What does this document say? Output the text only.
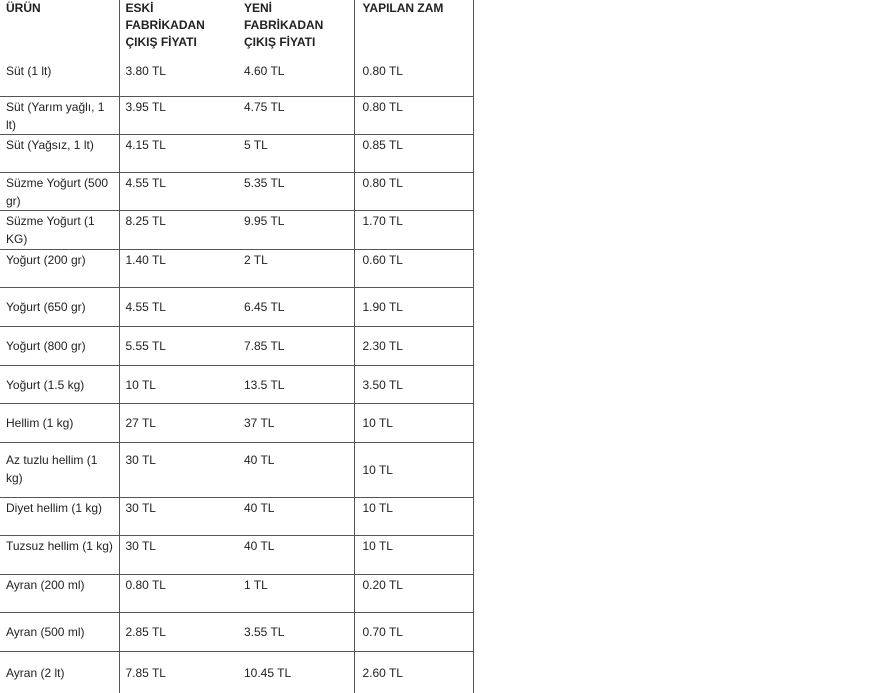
ÜRÜN	ESKİ FABRİKADAN ÇIKIŞ FİYATI	YENİ FABRİKADAN ÇIKIŞ FİYATI	YAPILAN ZAM
Süt (1 lt)	3.80 TL	4.60 TL	0.80 TL
Süt (Yarım yağlı, 1 lt)	3.95 TL	4.75 TL	0.80 TL
Süt (Yağsız, 1 lt)	4.15 TL	5 TL	0.85 TL
Süzme Yoğurt (500 gr)	4.55 TL	5.35 TL	0.80 TL
Süzme Yoğurt (1 KG)	8.25 TL	9.95 TL	1.70 TL
Yoğurt (200 gr)	1.40 TL	2 TL	0.60 TL
Yoğurt (650 gr)	4.55 TL	6.45 TL	1.90 TL
Yoğurt (800 gr)	5.55 TL	7.85 TL	2.30 TL
Yoğurt (1.5 kg)	10 TL	13.5 TL	3.50 TL
Hellim (1 kg)	27 TL	37 TL	10 TL
Az tuzlu hellim (1 kg)	30 TL	40 TL	10 TL
Diyet hellim (1 kg)	30 TL	40 TL	10 TL
Tuzsuz hellim (1 kg)	30 TL	40 TL	10 TL
Ayran (200 ml)	0.80 TL	1 TL	0.20 TL
Ayran (500 ml)	2.85 TL	3.55 TL	0.70 TL
Ayran (2 lt)	7.85 TL	10.45 TL	2.60 TL
